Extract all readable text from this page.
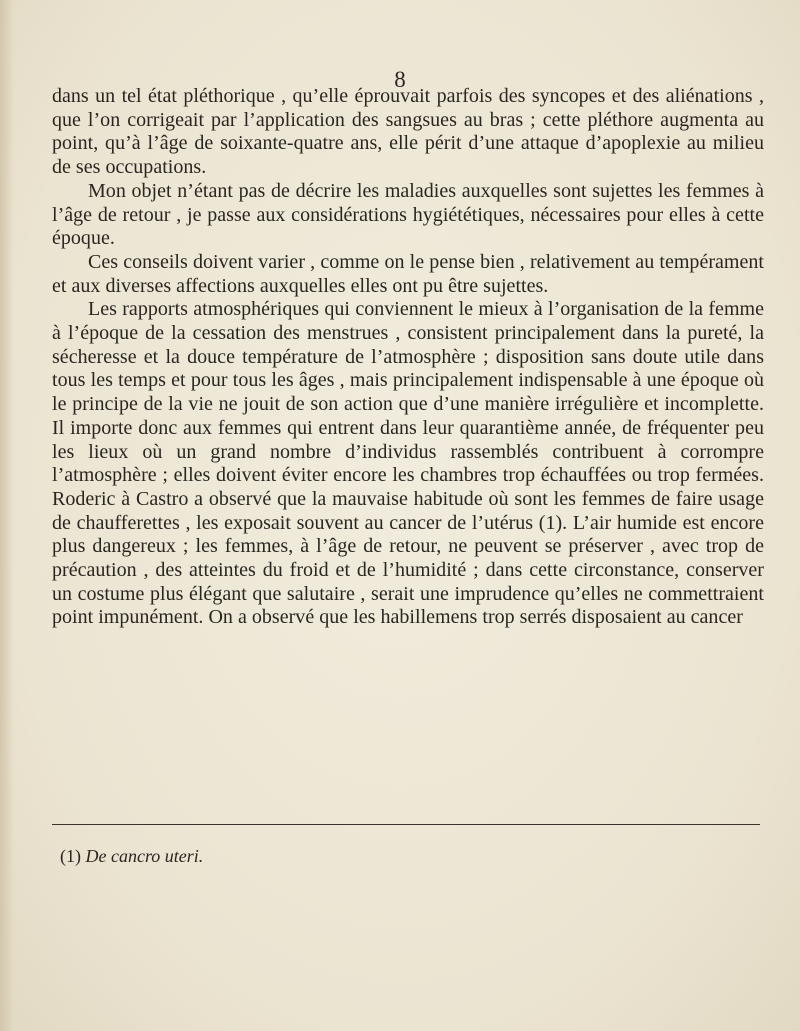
8

dans un tel état pléthorique , qu’elle éprouvait parfois des syncopes et des aliénations , que l’on corrigeait par l’application des sangsues au bras ; cette pléthore augmenta au point, qu’à l’âge de soixante-quatre ans, elle périt d’une attaque d’apoplexie au milieu de ses occupations.

Mon objet n’étant pas de décrire les maladies auxquelles sont sujettes les femmes à l’âge de retour , je passe aux considérations hygiététiques, nécessaires pour elles à cette époque.

Ces conseils doivent varier , comme on le pense bien , relativement au tempérament et aux diverses affections auxquelles elles ont pu être sujettes.

Les rapports atmosphériques qui conviennent le mieux à l’organisation de la femme à l’époque de la cessation des menstrues , consistent principalement dans la pureté, la sécheresse et la douce température de l’atmosphère ; disposition sans doute utile dans tous les temps et pour tous les âges , mais principalement indispensable à une époque où le principe de la vie ne jouit de son action que d’une manière irrégulière et incomplette. Il importe donc aux femmes qui entrent dans leur quarantième année, de fréquenter peu les lieux où un grand nombre d’individus rassemblés contribuent à corrompre l’atmosphère ; elles doivent éviter encore les chambres trop échauffées ou trop fermées. Roderic à Castro a observé que la mauvaise habitude où sont les femmes de faire usage de chaufferettes , les exposait souvent au cancer de l’utérus (1). L’air humide est encore plus dangereux ; les femmes, à l’âge de retour, ne peuvent se préserver , avec trop de précaution , des atteintes du froid et de l’humidité ; dans cette circonstance, conserver un costume plus élégant que salutaire , serait une imprudence qu’elles ne commettraient point impunément. On a observé que les habillemens trop serrés disposaient au cancer

(1) De cancro uteri.
